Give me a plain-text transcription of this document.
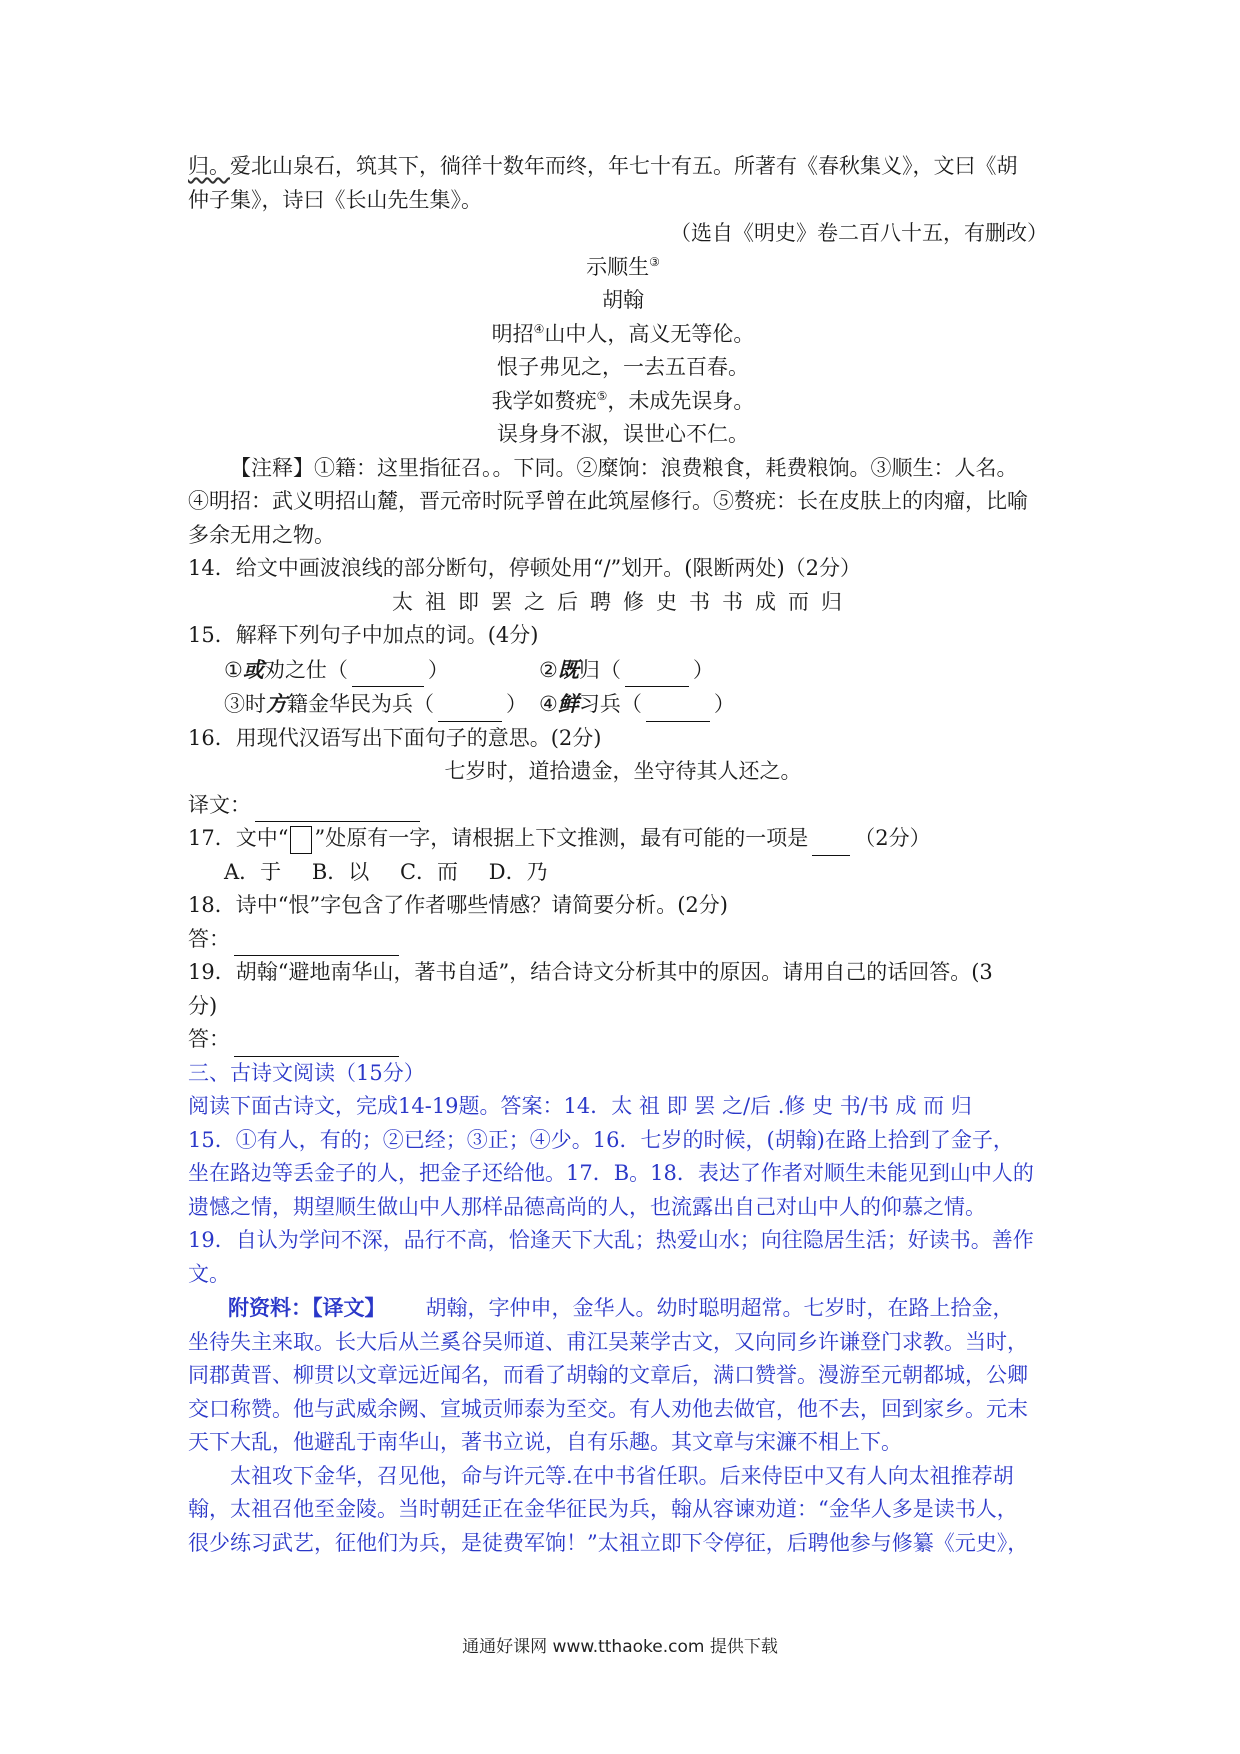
归。爱北山泉石，筑其下，徜徉十数年而终，年七十有五。所著有《春秋集义》，文曰《胡
仲子集》，诗曰《长山先生集》。
（选自《明史》卷二百八十五，有删改）
示顺生③
胡翰
明招④山中人，高义无等伦。
恨子弗见之，一去五百春。
我学如赘疣⑤，未成先误身。
误身身不淑，误世心不仁。
【注释】①籍：这里指征召。。下同。②糜饷：浪费粮食，耗费粮饷。③顺生：人名。
④明招：武义明招山麓，晋元帝时阮孚曾在此筑屋修行。⑤赘疣：长在皮肤上的肉瘤，比喻
多余无用之物。
14．给文中画波浪线的部分断句，停顿处用“/”划开。(限断两处)（2分）
太祖即罢之后聘修史书书成而归
15．解释下列句子中加点的词。(4分)
①或劝之仕（	）	②既归（	）
③时方籍金华民为兵（	） ④鲜习兵（	）
16．用现代汉语写出下面句子的意思。(2分)
七岁时，道拾遗金，坐守待其人还之。
译文：
17．文中“ ”处原有一字，请根据上下文推测，最有可能的一项是 （2分）
A．于 B．以 C．而 D．乃
18．诗中“恨”字包含了作者哪些情感？请简要分析。(2分)
答：
19．胡翰“避地南华山，著书自适”，结合诗文分析其中的原因。请用自己的话回答。(3
分)
答：
三、古诗文阅读（15分）
阅读下面古诗文，完成14-19题。答案：14．太 祖 即 罢 之/后 .修 史 书/书 成 而 归
15．①有人，有的；②已经；③正；④少。16．七岁的时候，(胡翰)在路上拾到了金子，
坐在路边等丢金子的人，把金子还给他。17．B。18．表达了作者对顺生未能见到山中人的
遗憾之情，期望顺生做山中人那样品德高尚的人，也流露出自己对山中人的仰慕之情。
19．自认为学问不深，品行不高，恰逢天下大乱；热爱山水；向往隐居生活；好读书。善作
文。
附资料：【译文】 胡翰，字仲申，金华人。幼时聪明超常。七岁时，在路上拾金，
坐待失主来取。长大后从兰奚谷吴师道、甫江吴莱学古文，又向同乡许谦登门求教。当时，
同郡黄晋、柳贯以文章远近闻名，而看了胡翰的文章后，满口赞誉。漫游至元朝都城，公卿
交口称赞。他与武威余阙、宣城贡师泰为至交。有人劝他去做官，他不去，回到家乡。元末
天下大乱，他避乱于南华山，著书立说，自有乐趣。其文章与宋濂不相上下。
太祖攻下金华，召见他，命与许元等.在中书省任职。后来侍臣中又有人向太祖推荐胡
翰，太祖召他至金陵。当时朝廷正在金华征民为兵，翰从容谏劝道：“金华人多是读书人，
很少练习武艺，征他们为兵，是徒费军饷！”太祖立即下令停征，后聘他参与修纂《元史》，
通通好课网 www.tthaoke.com 提供下载
